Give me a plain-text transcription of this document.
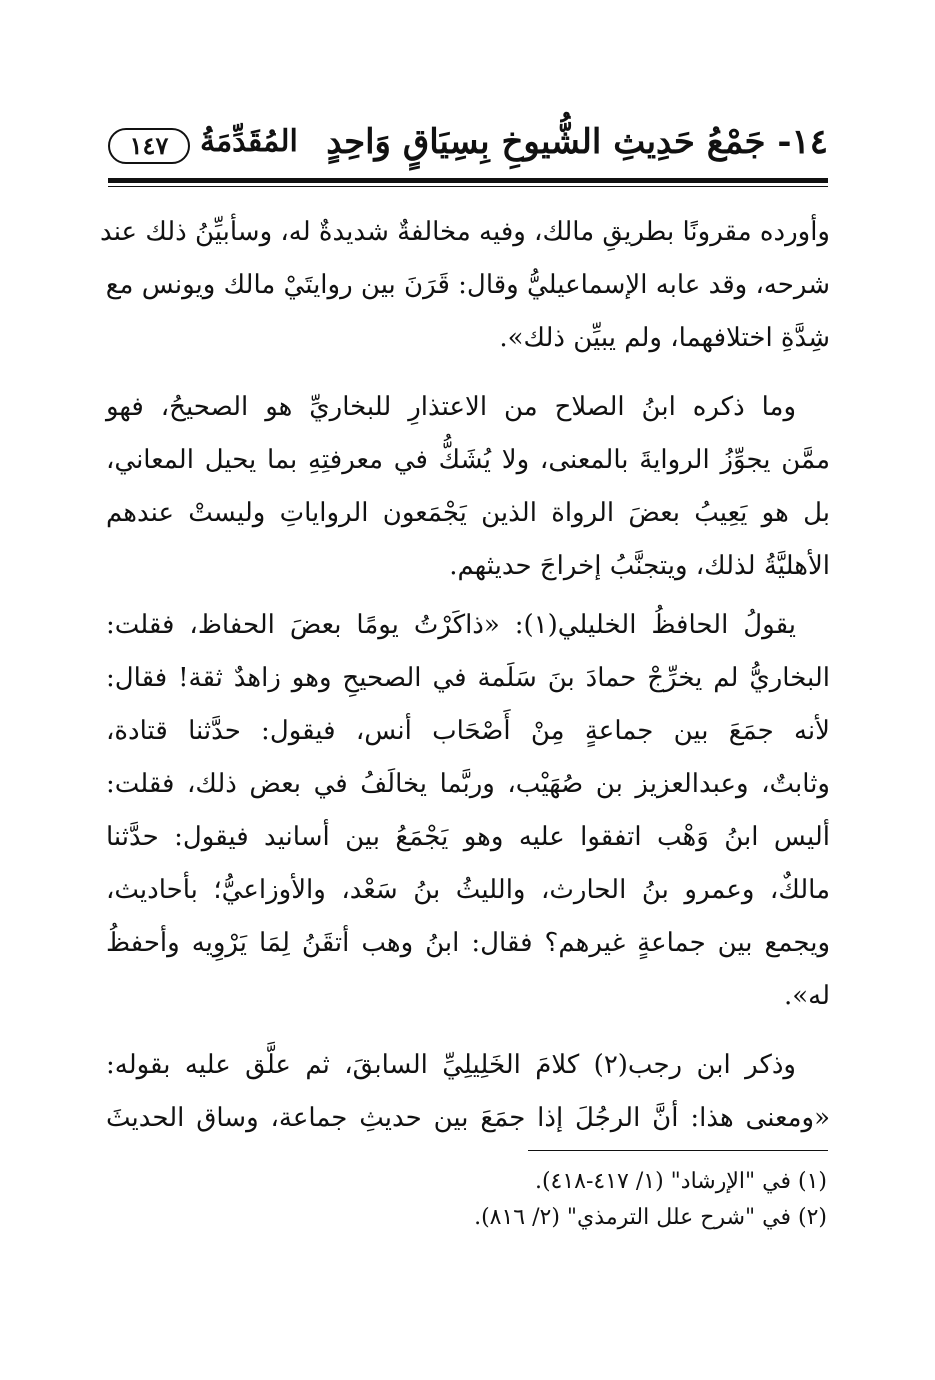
١٤- جَمْعُ حَدِيثِ الشُّيوخِ بِسِيَاقٍ وَاحِدٍ
المُقَدِّمَةُ
١٤٧
وأورده مقرونًا بطريقِ مالك، وفيه مخالفةٌ شديدةٌ له، وسأبيِّنُ ذلك عند
شرحه، وقد عابه الإسماعيليُّ وقال: قَرَنَ بين روايتَيْ مالك ويونس مع
شِدَّةِ اختلافهما، ولم يبيِّن ذلك».
وما ذكره ابنُ الصلاح من الاعتذارِ للبخاريِّ هو الصحيحُ، فهو
ممَّن يجوِّزُ الروايةَ بالمعنى، ولا يُشَكُّ في معرفتِهِ بما يحيل المعاني،
بل هو يَعِيبُ بعضَ الرواة الذين يَجْمَعون الرواياتِ وليستْ عندهم
الأهليَّةُ لذلك، ويتجنَّبُ إخراجَ حديثهم.
يقولُ الحافظُ الخليلي(١): «ذاكَرْتُ يومًا بعضَ الحفاظ، فقلت:
البخاريُّ لم يخرِّجْ حمادَ بنَ سَلَمة في الصحيحِ وهو زاهدٌ ثقة! فقال:
لأنه جمَعَ بين جماعةٍ مِنْ أَصْحَاب أنس، فيقول: حدَّثنا قتادة،
وثابتٌ، وعبدالعزيز بن صُهَيْب، وربَّما يخالَفُ في بعض ذلك، فقلت:
أليس ابنُ وَهْب اتفقوا عليه وهو يَجْمَعُ بين أسانيد فيقول: حدَّثنا
مالكٌ، وعمرو بنُ الحارث، والليثُ بنُ سَعْد، والأوزاعيُّ؛ بأحاديث،
ويجمع بين جماعةٍ غيرهم؟ فقال: ابنُ وهب أتقَنُ لِمَا يَرْوِيه وأحفظُ
له».
وذكر ابن رجب(٢) كلامَ الخَلِيلِيِّ السابقَ، ثم علَّق عليه بقوله:
«ومعنى هذا: أنَّ الرجُلَ إذا جمَعَ بين حديثِ جماعة، وساق الحديثَ
(١) في "الإرشاد" (١/ ٤١٧-٤١٨).
(٢) في "شرح علل الترمذي" (٢/ ٨١٦).
